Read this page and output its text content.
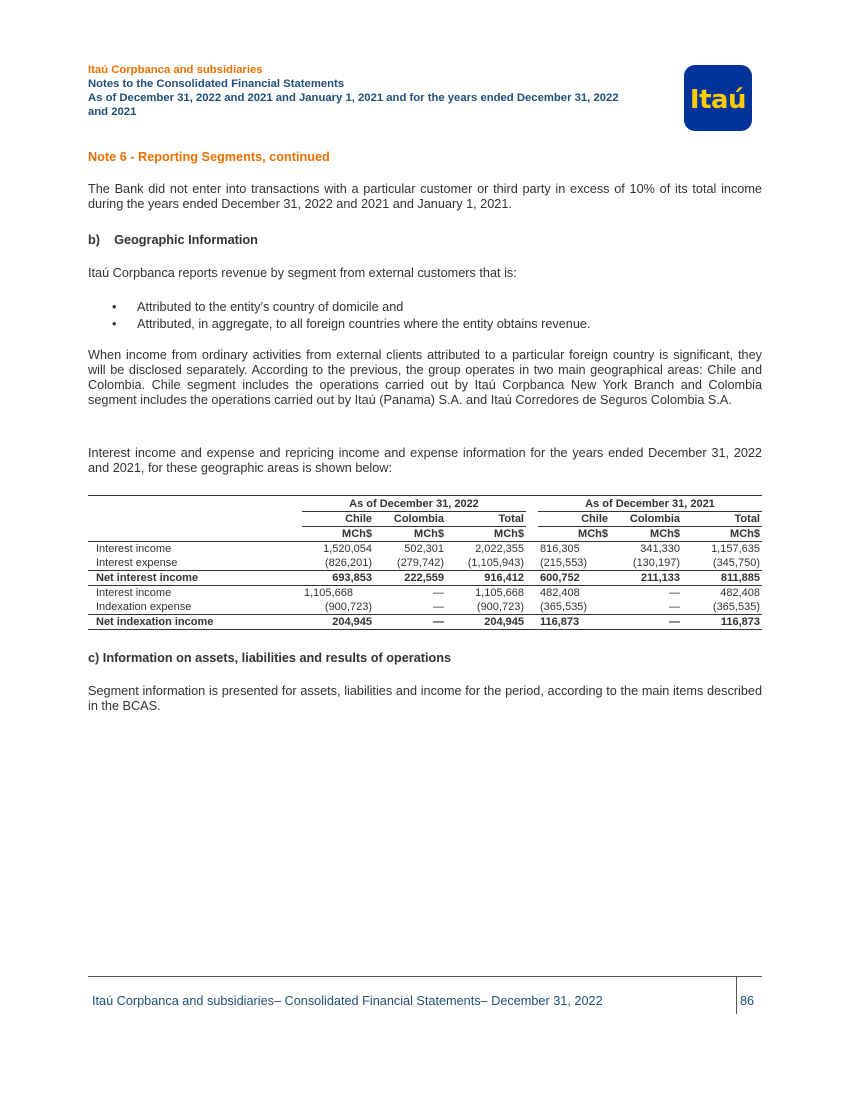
Itaú Corpbanca and subsidiaries
Notes to the Consolidated Financial Statements
As of December 31, 2022 and 2021 and January 1, 2021 and for the years ended December 31, 2022
and 2021	Itaú
Note 6 - Reporting Segments, continued
The Bank did not enter into transactions with a particular customer or third party in excess of 10% of its total income during the years ended December 31, 2022 and 2021 and January 1, 2021.
b)    Geographic Information
Itaú Corpbanca reports revenue by segment from external customers that is:
• Attributed to the entity’s country of domicile and
• Attributed, in aggregate, to all foreign countries where the entity obtains revenue.
When income from ordinary activities from external clients attributed to a particular foreign country is significant, they will be disclosed separately. According to the previous, the group operates in two main geographical areas: Chile and Colombia. Chile segment includes the operations carried out by Itaú Corpbanca New York Branch and Colombia segment includes the operations carried out by Itaú (Panama) S.A. and Itaú Corredores de Seguros Colombia S.A.
Interest income and expense and repricing income and expense information for the years ended December 31, 2022 and 2021, for these geographic areas is shown below:

	As of December 31, 2022				As of December 31, 2021		
	Chile	Colombia	Total		Chile	Colombia	Total
	MCh$	MCh$	MCh$		MCh$	MCh$	MCh$
Interest income	1,520,054	502,301	2,022,355		816,305	341,330	1,157,635
Interest expense	(826,201)	(279,742)	(1,105,943)		(215,553)	(130,197)	(345,750)
Net interest income	693,853	222,559	916,412		600,752	211,133	811,885
Interest income	1,105,668	—	1,105,668		482,408	—	482,408
Indexation expense	(900,723)	—	(900,723)		(365,535)	—	(365,535)
Net indexation income	204,945	—	204,945		116,873	—	116,873
c) Information on assets, liabilities and results of operations
Segment information is presented for assets, liabilities and income for the period, according to the main items described in the BCAS.
Itaú Corpbanca and subsidiaries– Consolidated Financial Statements– December 31, 2022	86
